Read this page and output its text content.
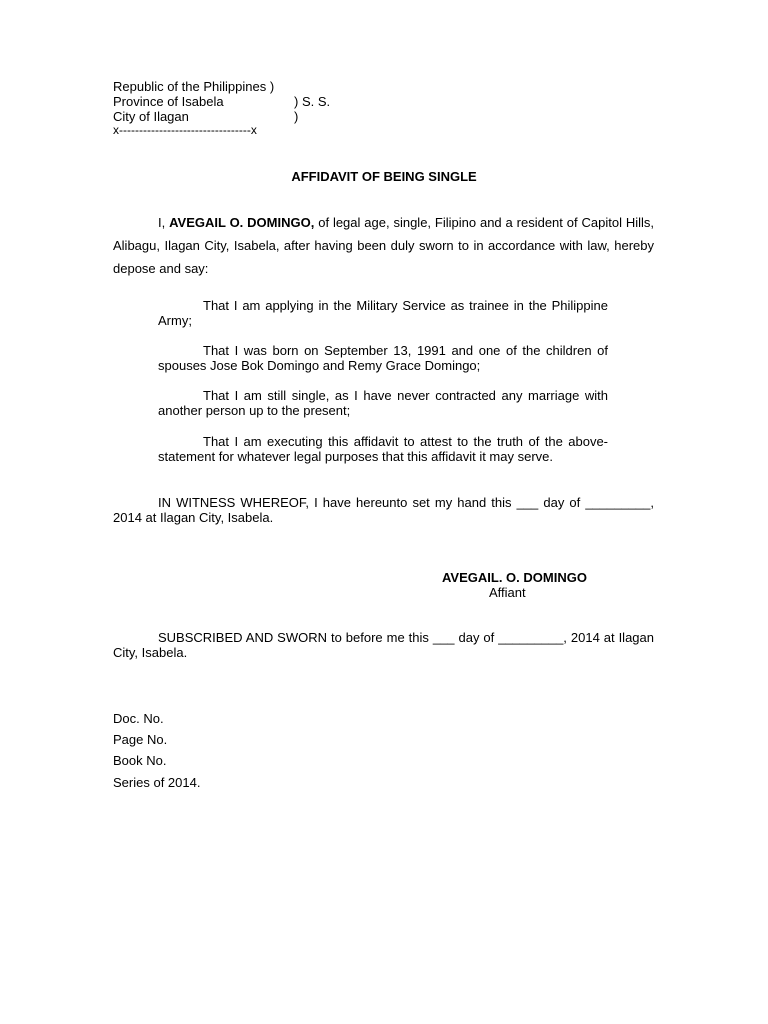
Republic of the Philippines )
Province of Isabela	) S. S.
City of Ilagan	)
x---------------------------------x
AFFIDAVIT OF BEING SINGLE
I, AVEGAIL O. DOMINGO, of legal age, single, Filipino and a resident of Capitol Hills, Alibagu, Ilagan City, Isabela, after having been duly sworn to in accordance with law, hereby depose and say:
That I am applying in the Military Service as trainee in the Philippine Army;
That I was born on September 13, 1991 and one of the children of spouses Jose Bok Domingo and Remy Grace Domingo;
That I am still single, as I have never contracted any marriage with another person up to the present;
That I am executing this affidavit to attest to the truth of the above-statement for whatever legal purposes that this affidavit it may serve.
IN WITNESS WHEREOF, I have hereunto set my hand this ___ day of _________, 2014 at Ilagan City, Isabela.
AVEGAIL. O. DOMINGO
Affiant
SUBSCRIBED AND SWORN to before me this ___ day of _________, 2014 at Ilagan City, Isabela.
Doc. No.
Page No.
Book No.
Series of 2014.
